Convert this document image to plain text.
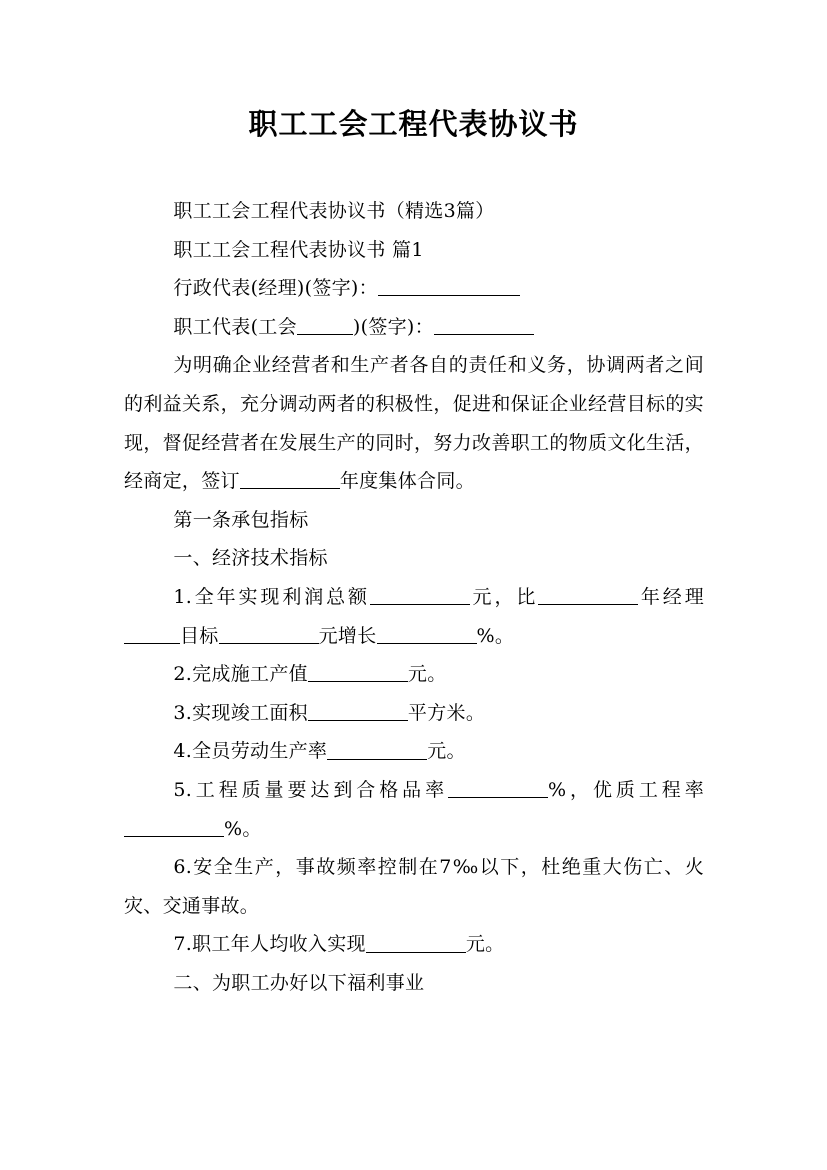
职工工会工程代表协议书

职工工会工程代表协议书（精选3篇）

职工工会工程代表协议书 篇1

行政代表(经理)(签字)：

职工代表(工会	)(签字)：

为明确企业经营者和生产者各自的责任和义务，协调两者之间的利益关系，充分调动两者的积极性，促进和保证企业经营目标的实现，督促经营者在发展生产的同时，努力改善职工的物质文化生活，经商定，签订	年度集体合同。

第一条承包指标

一、经济技术指标

1.全年实现利润总额	元，比	年经理目标	元增长	%。

2.完成施工产值	元。

3.实现竣工面积	平方米。

4.全员劳动生产率	元。

5.工程质量要达到合格品率	%，优质工程率%。

6.安全生产，事故频率控制在7‰以下，杜绝重大伤亡、火灾、交通事故。

7.职工年人均收入实现	元。

二、为职工办好以下福利事业
